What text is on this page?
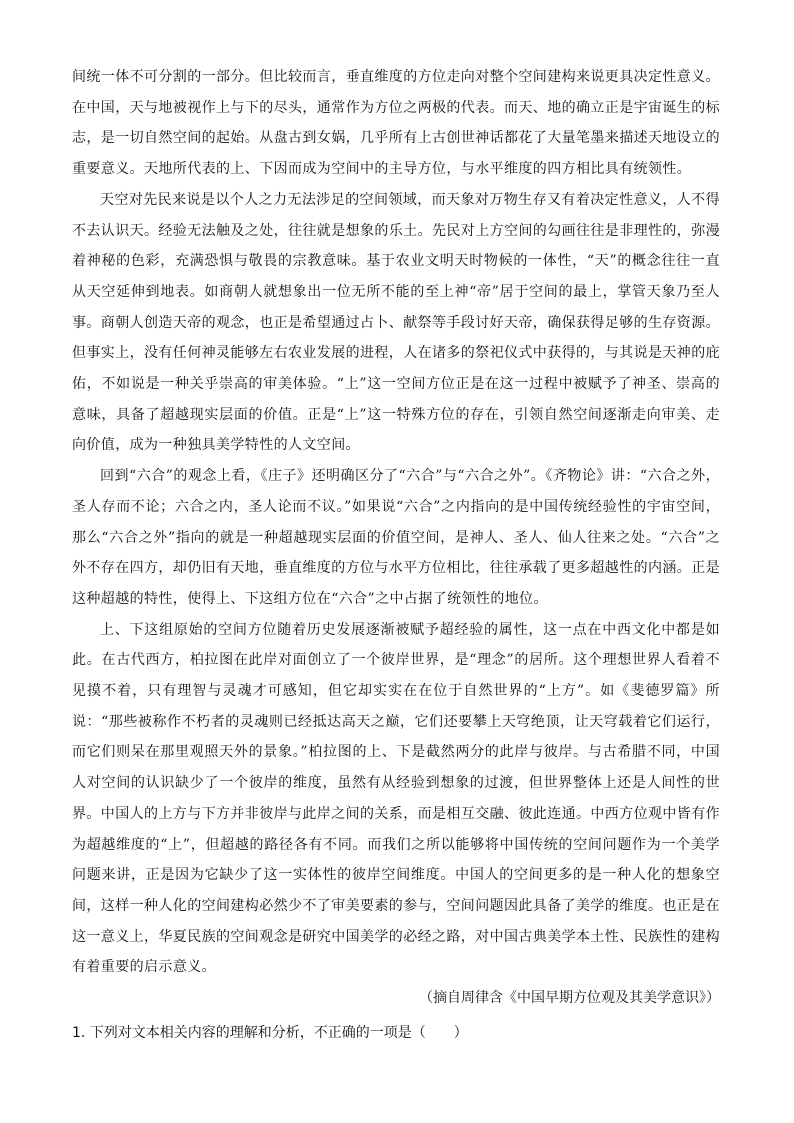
间统一体不可分割的一部分。但比较而言，垂直维度的方位走向对整个空间建构来说更具决定性意义。在中国，天与地被视作上与下的尽头，通常作为方位之两极的代表。而天、地的确立正是宇宙诞生的标志，是一切自然空间的起始。从盘古到女娲，几乎所有上古创世神话都花了大量笔墨来描述天地设立的重要意义。天地所代表的上、下因而成为空间中的主导方位，与水平维度的四方相比具有统领性。

天空对先民来说是以个人之力无法涉足的空间领域，而天象对万物生存又有着决定性意义，人不得不去认识天。经验无法触及之处，往往就是想象的乐土。先民对上方空间的勾画往往是非理性的，弥漫着神秘的色彩，充满恐惧与敬畏的宗教意味。基于农业文明天时物候的一体性，“天”的概念往往一直从天空延伸到地表。如商朝人就想象出一位无所不能的至上神“帝”居于空间的最上，掌管天象乃至人事。商朝人创造天帝的观念，也正是希望通过占卜、献祭等手段讨好天帝，确保获得足够的生存资源。但事实上，没有任何神灵能够左右农业发展的进程，人在诸多的祭祀仪式中获得的，与其说是天神的庇佑，不如说是一种关乎崇高的审美体验。“上”这一空间方位正是在这一过程中被赋予了神圣、崇高的意味，具备了超越现实层面的价值。正是“上”这一特殊方位的存在，引领自然空间逐渐走向审美、走向价值，成为一种独具美学特性的人文空间。

回到“六合”的观念上看，《庄子》还明确区分了“六合”与“六合之外”。《齐物论》讲：“六合之外，圣人存而不论；六合之内，圣人论而不议。”如果说“六合”之内指向的是中国传统经验性的宇宙空间，那么“六合之外”指向的就是一种超越现实层面的价值空间，是神人、圣人、仙人往来之处。“六合”之外不存在四方，却仍旧有天地，垂直维度的方位与水平方位相比，往往承载了更多超越性的内涵。正是这种超越的特性，使得上、下这组方位在“六合”之中占据了统领性的地位。

上、下这组原始的空间方位随着历史发展逐渐被赋予超经验的属性，这一点在中西文化中都是如此。在古代西方，柏拉图在此岸对面创立了一个彼岸世界，是“理念”的居所。这个理想世界人看着不见摸不着，只有理智与灵魂才可感知，但它却实实在在位于自然世界的“上方”。如《斐德罗篇》所说：“那些被称作不朽者的灵魂则已经抵达高天之巅，它们还要攀上天穹绝顶，让天穹载着它们运行，而它们则呆在那里观照天外的景象。”柏拉图的上、下是截然两分的此岸与彼岸。与古希腊不同，中国人对空间的认识缺少了一个彼岸的维度，虽然有从经验到想象的过渡，但世界整体上还是人间性的世界。中国人的上方与下方并非彼岸与此岸之间的关系，而是相互交融、彼此连通。中西方位观中皆有作为超越维度的“上”，但超越的路径各有不同。而我们之所以能够将中国传统的空间问题作为一个美学问题来讲，正是因为它缺少了这一实体性的彼岸空间维度。中国人的空间更多的是一种人化的想象空间，这样一种人化的空间建构必然少不了审美要素的参与，空间问题因此具备了美学的维度。也正是在这一意义上，华夏民族的空间观念是研究中国美学的必经之路，对中国古典美学本土性、民族性的建构有着重要的启示意义。

（摘自周律含《中国早期方位观及其美学意识》）

1. 下列对文本相关内容的理解和分析，不正确的一项是（　　）
